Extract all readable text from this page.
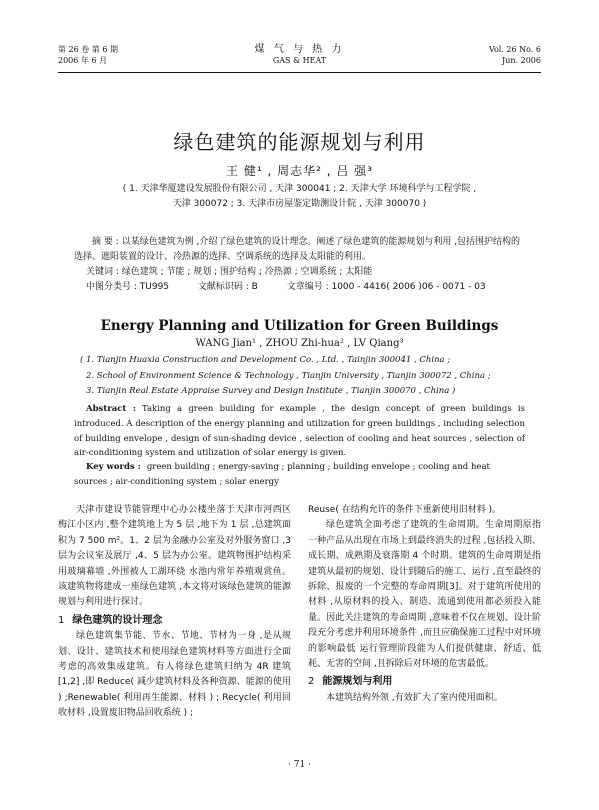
第 26 卷 第 6 期
2006 年 6 月
煤 气 与 热 力
GAS & HEAT
Vol. 26 No. 6
Jun. 2006
绿色建筑的能源规划与利用
王 健¹ , 周志华² , 吕 强³
( 1. 天津华厦建设发展股份有限公司 , 天津 300041 ; 2. 天津大学 环境科学与工程学院 ,
天津 300072 ; 3. 天津市房屋鉴定勘测设计院 , 天津 300070 )
摘 要 : 以某绿色建筑为例 ,介绍了绿色建筑的设计理念。阐述了绿色建筑的能源规划与利用 ,包括围护结构的选择、遮阳装置的设计、冷热源的选择、空调系统的选择及太阳能的利用。
关键词 : 绿色建筑 ; 节能 ; 规划 ; 围护结构 ; 冷热源 ; 空调系统 ; 太阳能
中图分类号 : TU995	文献标识码 : B	文章编号 : 1000 - 4416( 2006 )06 - 0071 - 03
Energy Planning and Utilization for Green Buildings
WANG Jian¹ , ZHOU Zhi-hua² , LV Qiang³
( 1. Tianjin Huaxia Construction and Development Co. , Ltd. , Tainjin 300041 , China ;
2. School of Environment Science & Technology , Tianjin University , Tianjin 300072 , China ;
3. Tianjin Real Estate Appraise Survey and Design Institute , Tianjin 300070 , China )
Abstract : Taking a green building for example , the design concept of green buildings is introduced. A description of the energy planning and utilization for green buildings , including selection of building envelope , design of sun-shading device , selection of cooling and heat sources , selection of air-conditioning system and utilization of solar energy is given.
Key words : green building ; energy-saving ; planning ; building envelope ; cooling and heat sources ; air-conditioning system ; solar energy

天津市建设节能管理中心办公楼坐落于天津市河西区梅江小区内 ,整个建筑地上为 5 层 ,地下为 1 层 ,总建筑面积为 7 500 m²。1、2 层为金融办公室及对外服务窗口 ,3 层为会议室及展厅 ,4、5 层为办公室。建筑物围护结构采用玻璃幕墙 ,外围被人工湖环绕 水池内常年养殖观赏鱼。该建筑物将建成一座绿色建筑 ,本文将对该绿色建筑的能源规划与利用进行探讨。

1 绿色建筑的设计理念

绿色建筑集节能、节水、节地、节材为一身 ,是从规划、设计、建筑技术和使用绿色建筑材料等方面进行全面考虑的高效集成建筑。有人将绿色建筑归纳为 4R 建筑[1,2] ,即 Reduce( 减少建筑材料及各种资源、能源的使用 ) ;Renewable( 利用再生能源、材料 ) ; Recycle( 利用回收材料 ,设置废旧物品回收系统 ) ;

Reuse( 在结构允许的条件下重新使用旧材料 )。

绿色建筑全面考虑了建筑的生命周期。生命周期原指一种产品从出现在市场上到最终消失的过程 ,包括投入期、成长期、成熟期及衰落期 4 个时期。建筑的生命周期是指建筑从最初的规划、设计到随后的施工、运行 ,直至最终的拆除、报废的一个完整的寿命周期[3]。对于建筑所使用的材料 ,从原材料的投入、制造、流通到使用都必须投入能量。因此关注建筑的寿命周期 ,意味着不仅在规划、设计阶段充分考虑并利用环境条件 ,而且应确保施工过程中对环境的影响最低 运行管理阶段能为人们提供健康、舒适、低耗、无害的空间 ,且拆除后对环境的危害最低。

2 能源规划与利用

本建筑结构外领 ,有效扩大了室内使用面积。

· 71 ·
